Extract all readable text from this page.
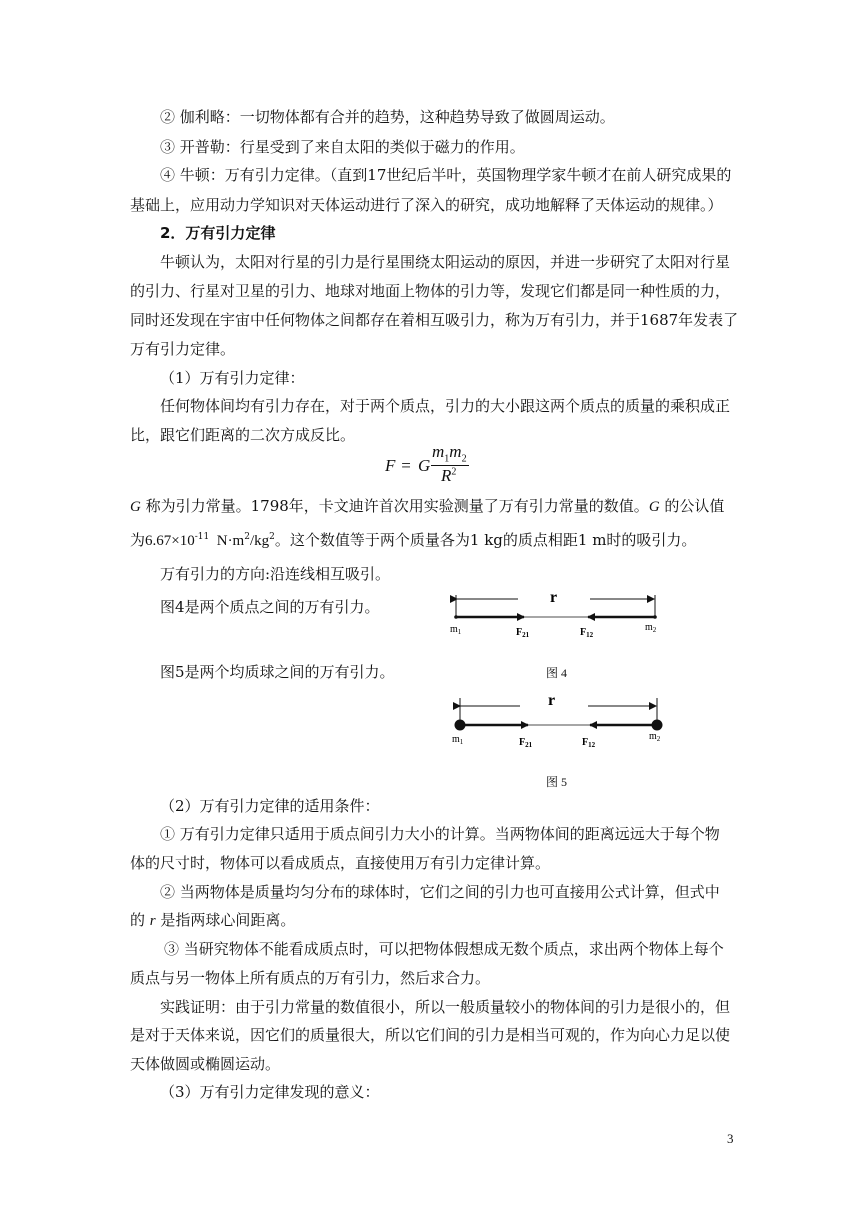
② 伽利略：一切物体都有合并的趋势，这种趋势导致了做圆周运动。
③ 开普勒：行星受到了来自太阳的类似于磁力的作用。
④ 牛顿：万有引力定律。（直到17世纪后半叶，英国物理学家牛顿才在前人研究成果的
基础上，应用动力学知识对天体运动进行了深入的研究，成功地解释了天体运动的规律。）
2．万有引力定律
牛顿认为，太阳对行星的引力是行星围绕太阳运动的原因，并进一步研究了太阳对行星
的引力、行星对卫星的引力、地球对地面上物体的引力等，发现它们都是同一种性质的力，
同时还发现在宇宙中任何物体之间都存在着相互吸引力，称为万有引力，并于1687年发表了
万有引力定律。
（1）万有引力定律：
任何物体间均有引力存在，对于两个质点，引力的大小跟这两个质点的质量的乘积成正
比，跟它们距离的二次方成反比。
F = G
$m_1m_2$
$R^2$
G 称为引力常量。1798年，卡文迪许首次用实验测量了万有引力常量的数值。G 的公认值
为$6.67\times 10^{-11}$  $N\cdot m^2/kg^2$。这个数值等于两个质量各为1 kg的质点相距1 m时的吸引力。
万有引力的方向:沿连线相互吸引。
图4是两个质点之间的万有引力。
图5是两个均质球之间的万有引力。
r
$m_1$	$m_2$
$F_{21}$	$F_{12}$
图 4
r
$m_1$	$m_2$
$F_{21}$	$F_{12}$
图 5
（2）万有引力定律的适用条件：
① 万有引力定律只适用于质点间引力大小的计算。当两物体间的距离远远大于每个物
体的尺寸时，物体可以看成质点，直接使用万有引力定律计算。
② 当两物体是质量均匀分布的球体时，它们之间的引力也可直接用公式计算，但式中
的 r 是指两球心间距离。
③ 当研究物体不能看成质点时，可以把物体假想成无数个质点，求出两个物体上每个
质点与另一物体上所有质点的万有引力，然后求合力。
实践证明：由于引力常量的数值很小，所以一般质量较小的物体间的引力是很小的，但
是对于天体来说，因它们的质量很大，所以它们间的引力是相当可观的，作为向心力足以使
天体做圆或椭圆运动。
（3）万有引力定律发现的意义：
3
